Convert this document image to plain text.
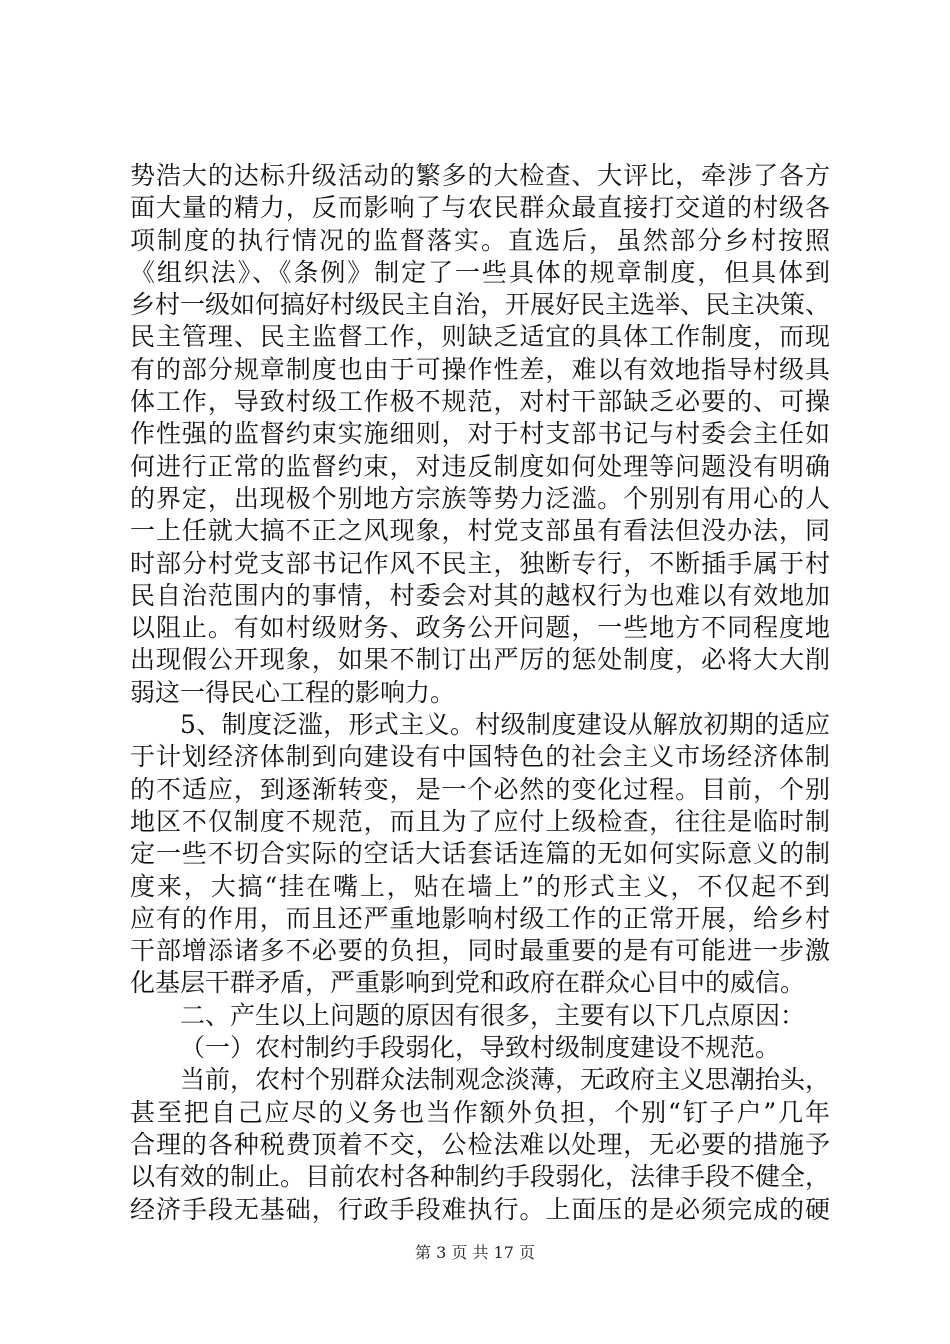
势浩大的达标升级活动的繁多的大检查、大评比，牵涉了各方
面大量的精力，反而影响了与农民群众最直接打交道的村级各
项制度的执行情况的监督落实。直选后，虽然部分乡村按照
《组织法》、《条例》制定了一些具体的规章制度，但具体到
乡村一级如何搞好村级民主自治，开展好民主选举、民主决策、
民主管理、民主监督工作，则缺乏适宜的具体工作制度，而现
有的部分规章制度也由于可操作性差，难以有效地指导村级具
体工作，导致村级工作极不规范，对村干部缺乏必要的、可操
作性强的监督约束实施细则，对于村支部书记与村委会主任如
何进行正常的监督约束，对违反制度如何处理等问题没有明确
的界定，出现极个别地方宗族等势力泛滥。个别别有用心的人
一上任就大搞不正之风现象，村党支部虽有看法但没办法，同
时部分村党支部书记作风不民主，独断专行，不断插手属于村
民自治范围内的事情，村委会对其的越权行为也难以有效地加
以阻止。有如村级财务、政务公开问题，一些地方不同程度地
出现假公开现象，如果不制订出严厉的惩处制度，必将大大削
弱这一得民心工程的影响力。
5、制度泛滥，形式主义。村级制度建设从解放初期的适应
于计划经济体制到向建设有中国特色的社会主义市场经济体制
的不适应，到逐渐转变，是一个必然的变化过程。目前，个别
地区不仅制度不规范，而且为了应付上级检查，往往是临时制
定一些不切合实际的空话大话套话连篇的无如何实际意义的制
度来，大搞“挂在嘴上，贴在墙上”的形式主义，不仅起不到
应有的作用，而且还严重地影响村级工作的正常开展，给乡村
干部增添诸多不必要的负担，同时最重要的是有可能进一步激
化基层干群矛盾，严重影响到党和政府在群众心目中的威信。
二、产生以上问题的原因有很多，主要有以下几点原因：
（一）农村制约手段弱化，导致村级制度建设不规范。
当前，农村个别群众法制观念淡薄，无政府主义思潮抬头，
甚至把自己应尽的义务也当作额外负担，个别“钉子户”几年
合理的各种税费顶着不交，公检法难以处理，无必要的措施予
以有效的制止。目前农村各种制约手段弱化，法律手段不健全，
经济手段无基础，行政手段难执行。上面压的是必须完成的硬
第 3 页 共 17 页
